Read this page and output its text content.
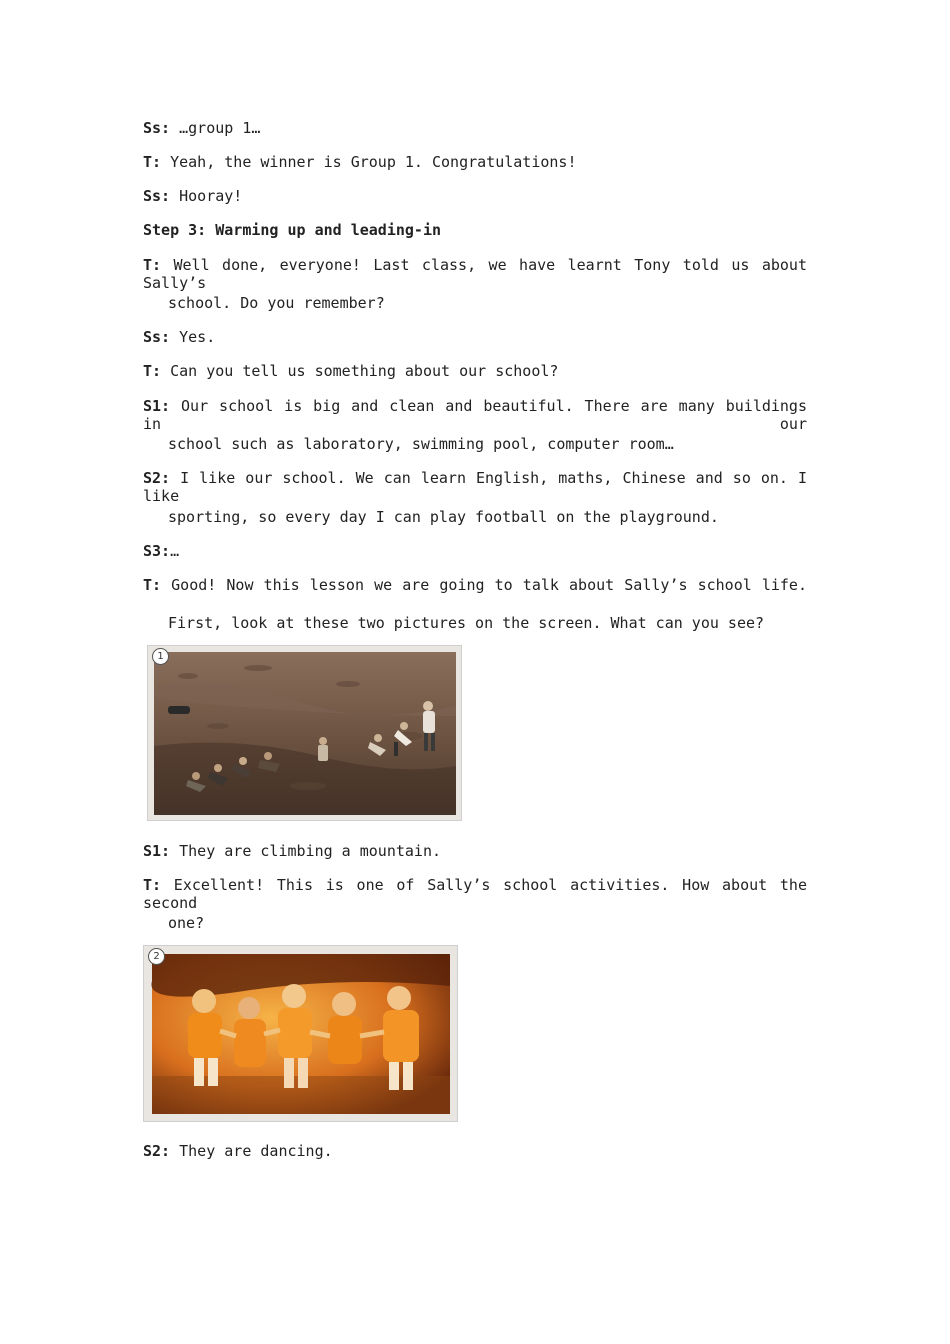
Ss: …group 1…
T: Yeah, the winner is Group 1. Congratulations!
Ss: Hooray!
Step 3: Warming up and leading-in
T: Well done, everyone! Last class, we have learnt Tony told us about Sally’s
school. Do you remember?
Ss: Yes.
T: Can you tell us something about our school?
S1: Our school is big and clean and beautiful. There are many buildings in our
school such as laboratory, swimming pool, computer room…
S2: I like our school. We can learn English, maths, Chinese and so on. I like
sporting, so every day I can play football on the playground.
S3:…
T: Good! Now this lesson we are going to talk about Sally’s school life.
First, look at these two pictures on the screen. What can you see?
1
S1: They are climbing a mountain.
T: Excellent! This is one of Sally’s school activities. How about the second
one?
2
S2: They are dancing.
